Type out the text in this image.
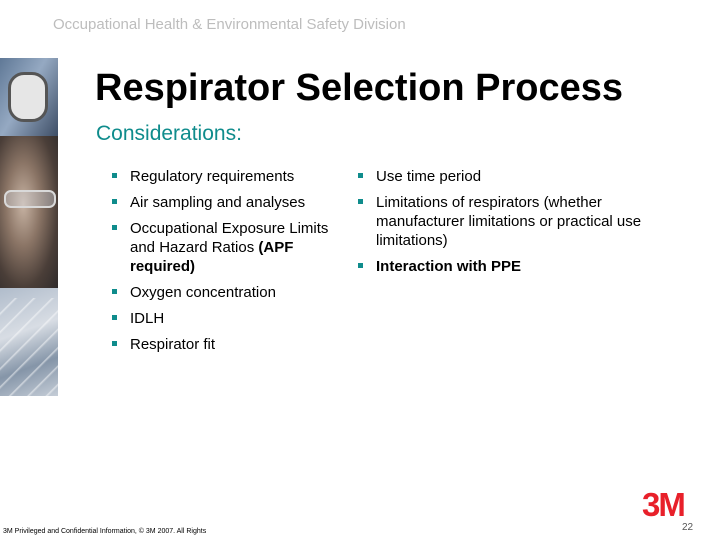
Occupational Health & Environmental Safety Division
Respirator Selection Process
Considerations:
Regulatory requirements
Air sampling and analyses
Occupational Exposure Limits and Hazard Ratios (APF required)
Oxygen concentration
IDLH
Respirator fit
Use time period
Limitations of respirators (whether manufacturer limitations or practical use limitations)
Interaction with PPE
3M Privileged and Confidential Information, © 3M 2007. All Rights
3M
22
